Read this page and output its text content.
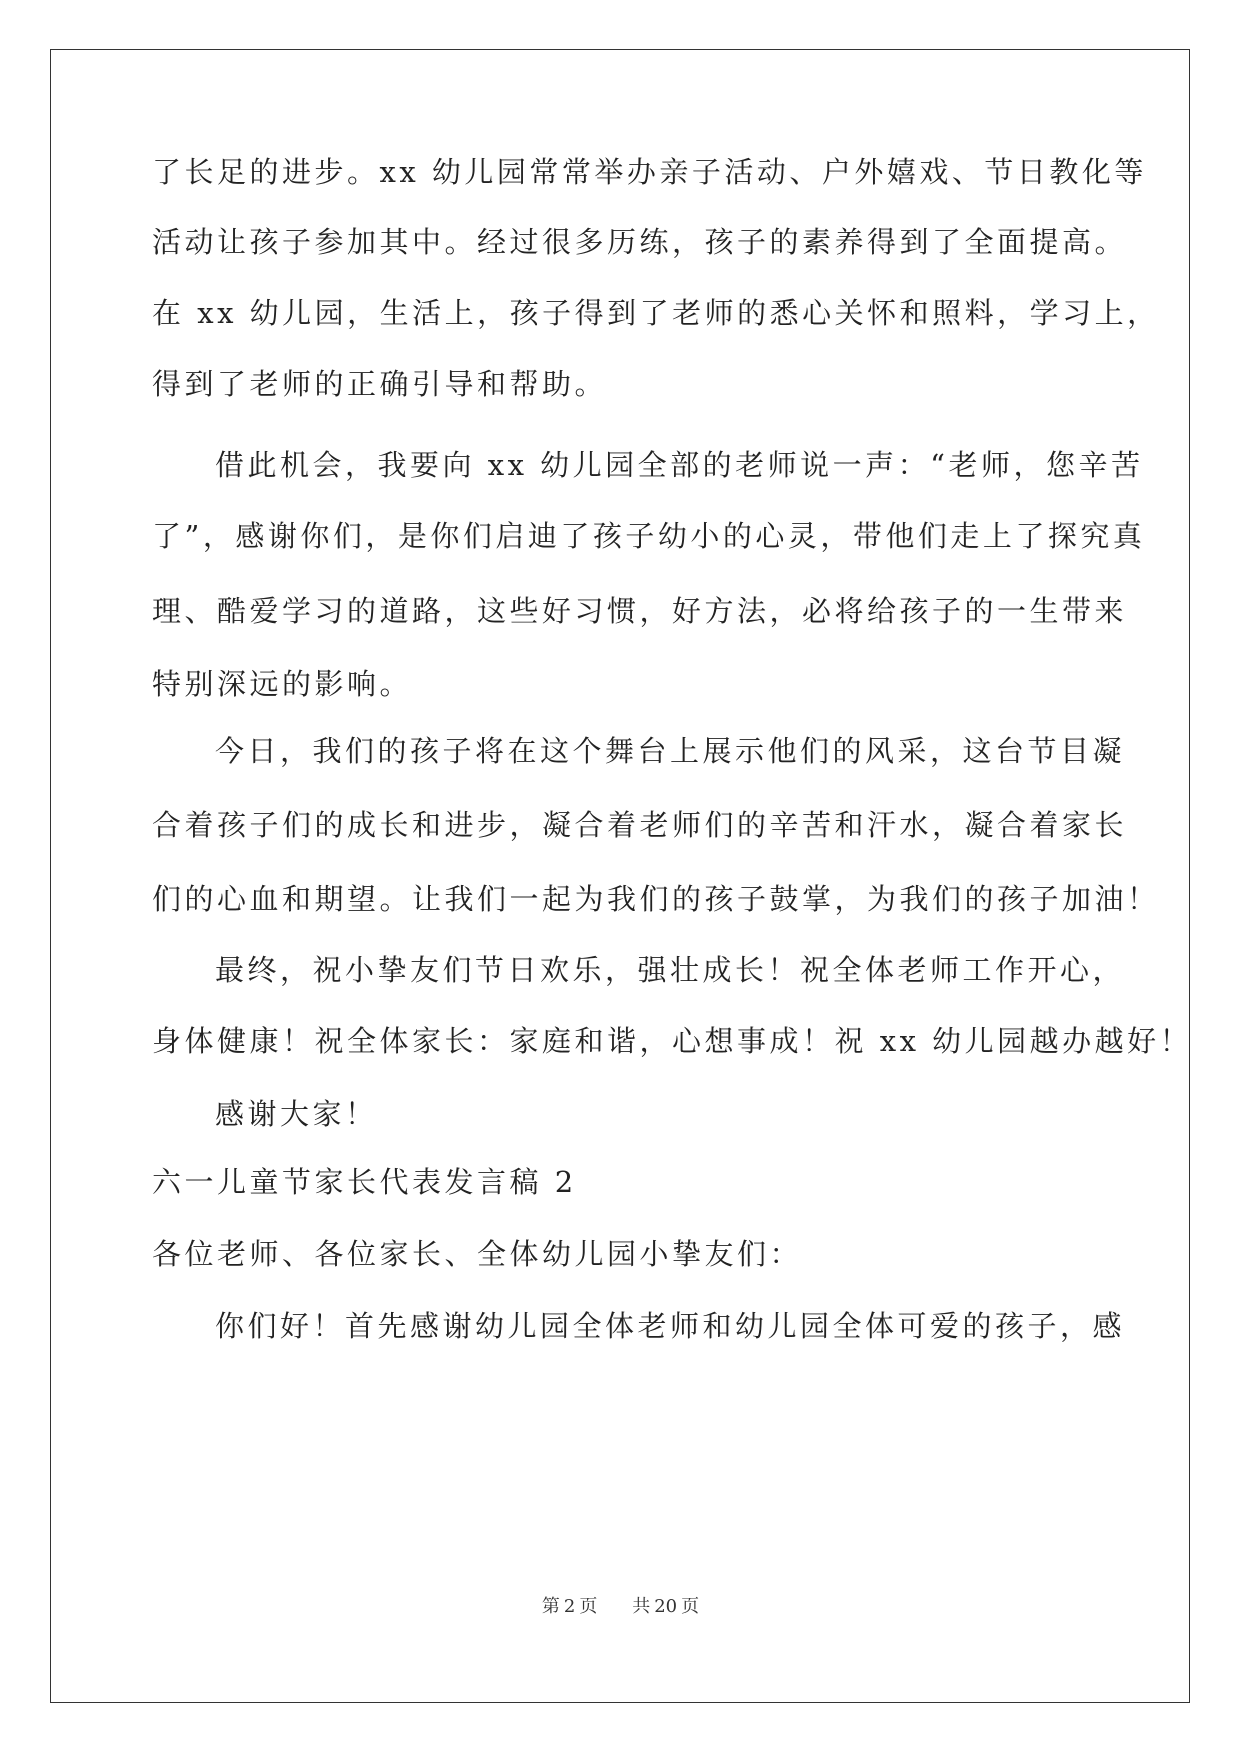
了长足的进步。xx 幼儿园常常举办亲子活动、户外嬉戏、节日教化等
活动让孩子参加其中。经过很多历练，孩子的素养得到了全面提高。
在 xx 幼儿园，生活上，孩子得到了老师的悉心关怀和照料，学习上，
得到了老师的正确引导和帮助。
借此机会，我要向 xx 幼儿园全部的老师说一声：“老师，您辛苦
了”，感谢你们，是你们启迪了孩子幼小的心灵，带他们走上了探究真
理、酷爱学习的道路，这些好习惯，好方法，必将给孩子的一生带来
特别深远的影响。
今日，我们的孩子将在这个舞台上展示他们的风采，这台节目凝
合着孩子们的成长和进步，凝合着老师们的辛苦和汗水，凝合着家长
们的心血和期望。让我们一起为我们的孩子鼓掌，为我们的孩子加油！
最终，祝小挚友们节日欢乐，强壮成长！祝全体老师工作开心，
身体健康！祝全体家长：家庭和谐，心想事成！祝 xx 幼儿园越办越好！
感谢大家！
六一儿童节家长代表发言稿 2
各位老师、各位家长、全体幼儿园小挚友们：
你们好！首先感谢幼儿园全体老师和幼儿园全体可爱的孩子，感
第 2 页 共 20 页
